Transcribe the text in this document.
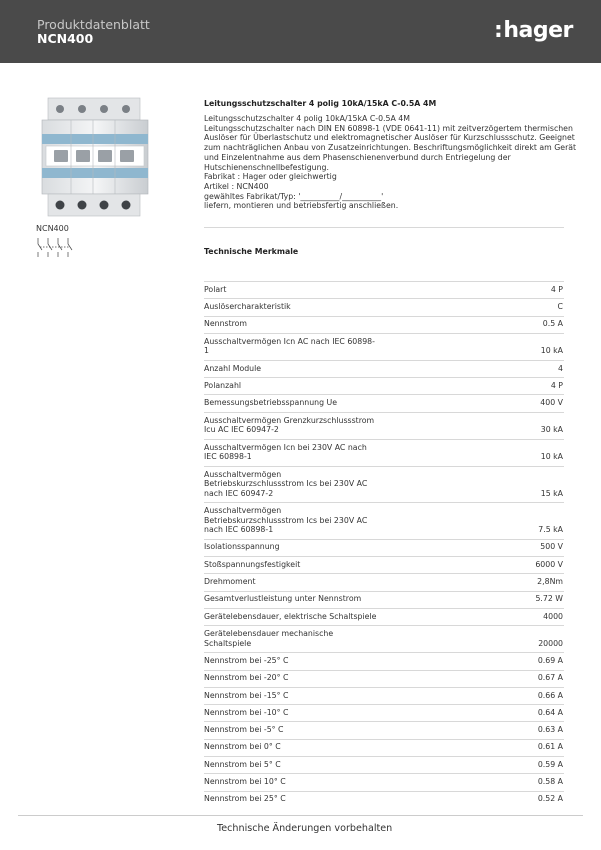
Produktdatenblatt
NCN400	:hager
NCN400
Leitungsschutzschalter 4 polig 10kA/15kA C-0.5A 4M
Leitungsschutzschalter 4 polig 10kA/15kA C-0.5A 4M
Leitungsschutzschalter nach DIN EN 60898-1 (VDE 0641-11) mit zeitverzögertem thermischen
Auslöser für Überlastschutz und elektromagnetischer Auslöser für Kurzschlussschutz. Geeignet
zum nachträglichen Anbau von Zusatzeinrichtungen. Beschriftungsmöglichkeit direkt am Gerät
und Einzelentnahme aus dem Phasenschienenverbund durch Entriegelung der
Hutschienenschnellbefestigung.
Fabrikat : Hager oder gleichwertig
Artikel : NCN400
gewähltes Fabrikat/Typ: '__________/__________'
liefern, montieren und betriebsfertig anschließen.
Technische Merkmale
Polart	4 P
Auslösercharakteristik	C
Nennstrom	0.5 A
Ausschaltvermögen Icn AC nach IEC 60898-
1	10 kA
Anzahl Module	4
Polanzahl	4 P
Bemessungsbetriebsspannung Ue	400 V
Ausschaltvermögen Grenzkurzschlussstrom
Icu AC IEC 60947-2	30 kA
Ausschaltvermögen Icn bei 230V AC nach
IEC 60898-1	10 kA
Ausschaltvermögen
Betriebskurzschlussstrom Ics bei 230V AC
nach IEC 60947-2	15 kA
Ausschaltvermögen
Betriebskurzschlussstrom Ics bei 230V AC
nach IEC 60898-1	7.5 kA
Isolationsspannung	500 V
Stoßspannungsfestigkeit	6000 V
Drehmoment	2,8Nm
Gesamtverlustleistung unter Nennstrom	5.72 W
Gerätelebensdauer, elektrische Schaltspiele	4000
Gerätelebensdauer mechanische
Schaltspiele	20000
Nennstrom bei -25° C	0.69 A
Nennstrom bei -20° C	0.67 A
Nennstrom bei -15° C	0.66 A
Nennstrom bei -10° C	0.64 A
Nennstrom bei -5° C	0.63 A
Nennstrom bei 0° C	0.61 A
Nennstrom bei 5° C	0.59 A
Nennstrom bei 10° C	0.58 A
Nennstrom bei 25° C	0.52 A
Technische Änderungen vorbehalten
